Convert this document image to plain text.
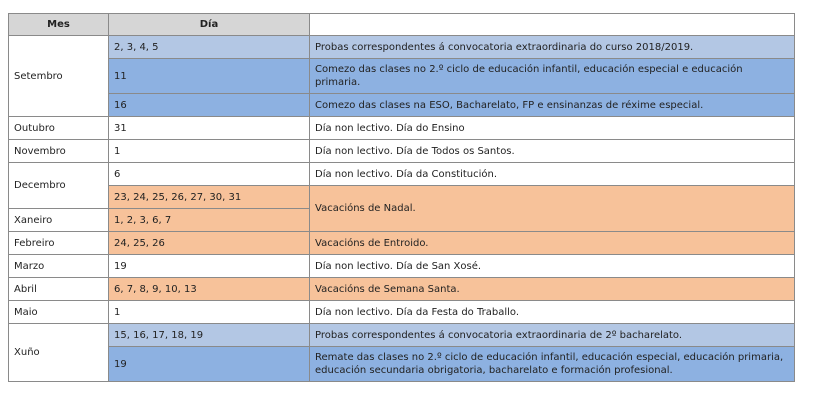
Mes	Día	
Setembro	2, 3, 4, 5	Probas correspondentes á convocatoria extraordinaria do curso 2018/2019.
	11	Comezo das clases no 2.º ciclo de educación infantil, educación especial e educación primaria.
	16	Comezo das clases na ESO, Bacharelato, FP e ensinanzas de réxime especial.
Outubro	31	Día non lectivo. Día do Ensino
Novembro	1	Día non lectivo. Día de Todos os Santos.
Decembro	6	Día non lectivo. Día da Constitución.
	23, 24, 25, 26, 27, 30, 31	Vacacións de Nadal.
Xaneiro	1, 2, 3, 6, 7	
Febreiro	24, 25, 26	Vacacións de Entroido.
Marzo	19	Día non lectivo. Día de San Xosé.
Abril	6, 7, 8, 9, 10, 13	Vacacións de Semana Santa.
Maio	1	Día non lectivo. Día da Festa do Traballo.
Xuño	15, 16, 17, 18, 19	Probas correspondentes á convocatoria extraordinaria de 2º bacharelato.
	19	Remate das clases no 2.º ciclo de educación infantil, educación especial, educación primaria, educación secundaria obrigatoria, bacharelato e formación profesional.
